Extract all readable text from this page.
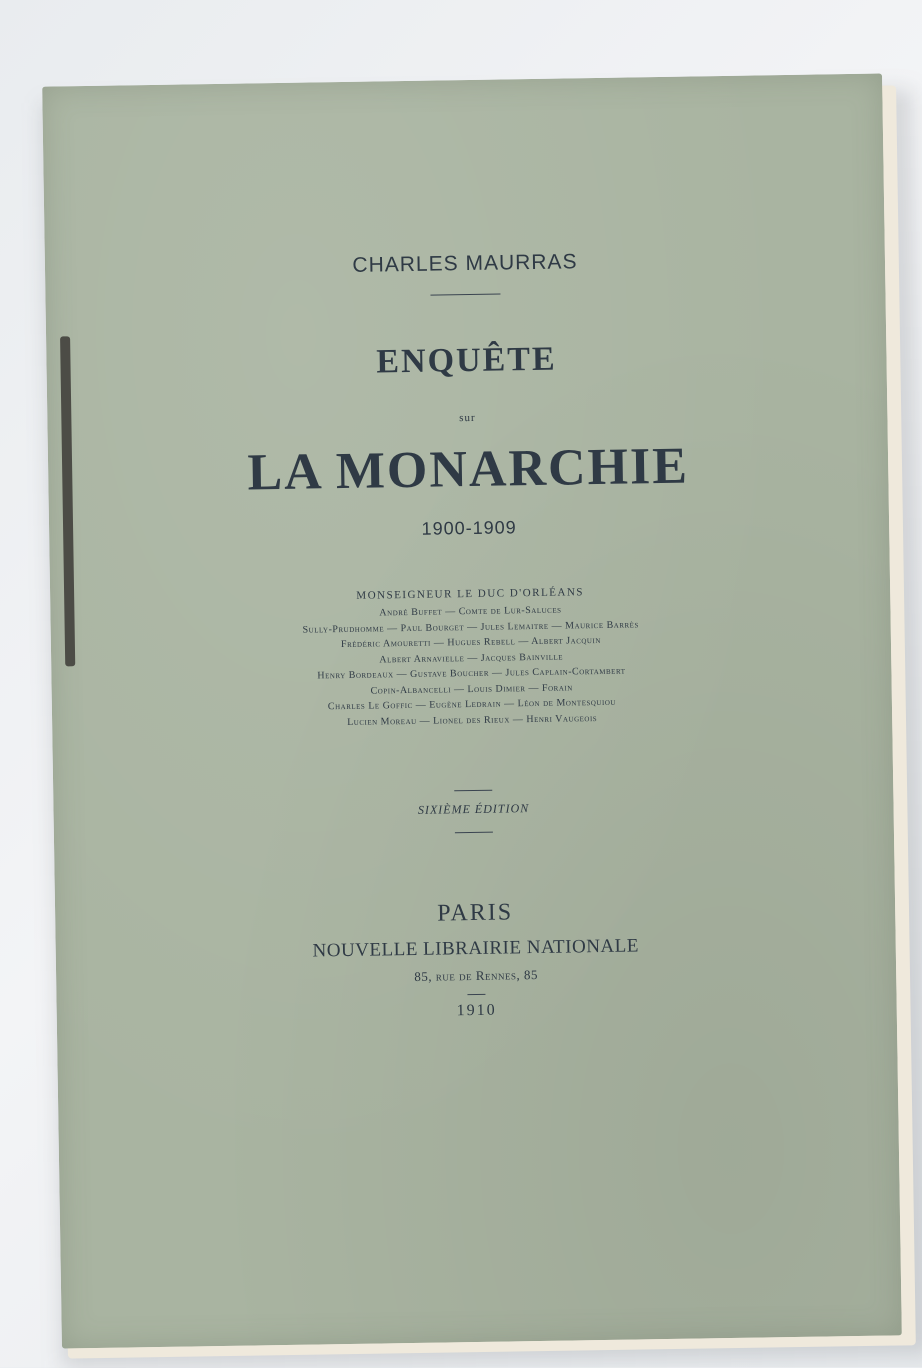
CHARLES MAURRAS
ENQUÊTE
sur
LA MONARCHIE
1900-1909
MONSEIGNEUR LE DUC D'ORLÉANS
André Buffet — Comte de Lur-Saluces
Sully-Prudhomme — Paul Bourget — Jules Lemaitre — Maurice Barrès
Frédéric Amouretti — Hugues Rebell — Albert Jacquin
Albert Arnavielle — Jacques Bainville
Henry Bordeaux — Gustave Boucher — Jules Caplain-Cortambert
Copin-Albancelli — Louis Dimier — Forain
Charles Le Goffic — Eugène Ledrain — Léon de Montesquiou
Lucien Moreau — Lionel des Rieux — Henri Vaugeois
SIXIÈME ÉDITION
PARIS
NOUVELLE LIBRAIRIE NATIONALE
85, rue de Rennes, 85
1910
